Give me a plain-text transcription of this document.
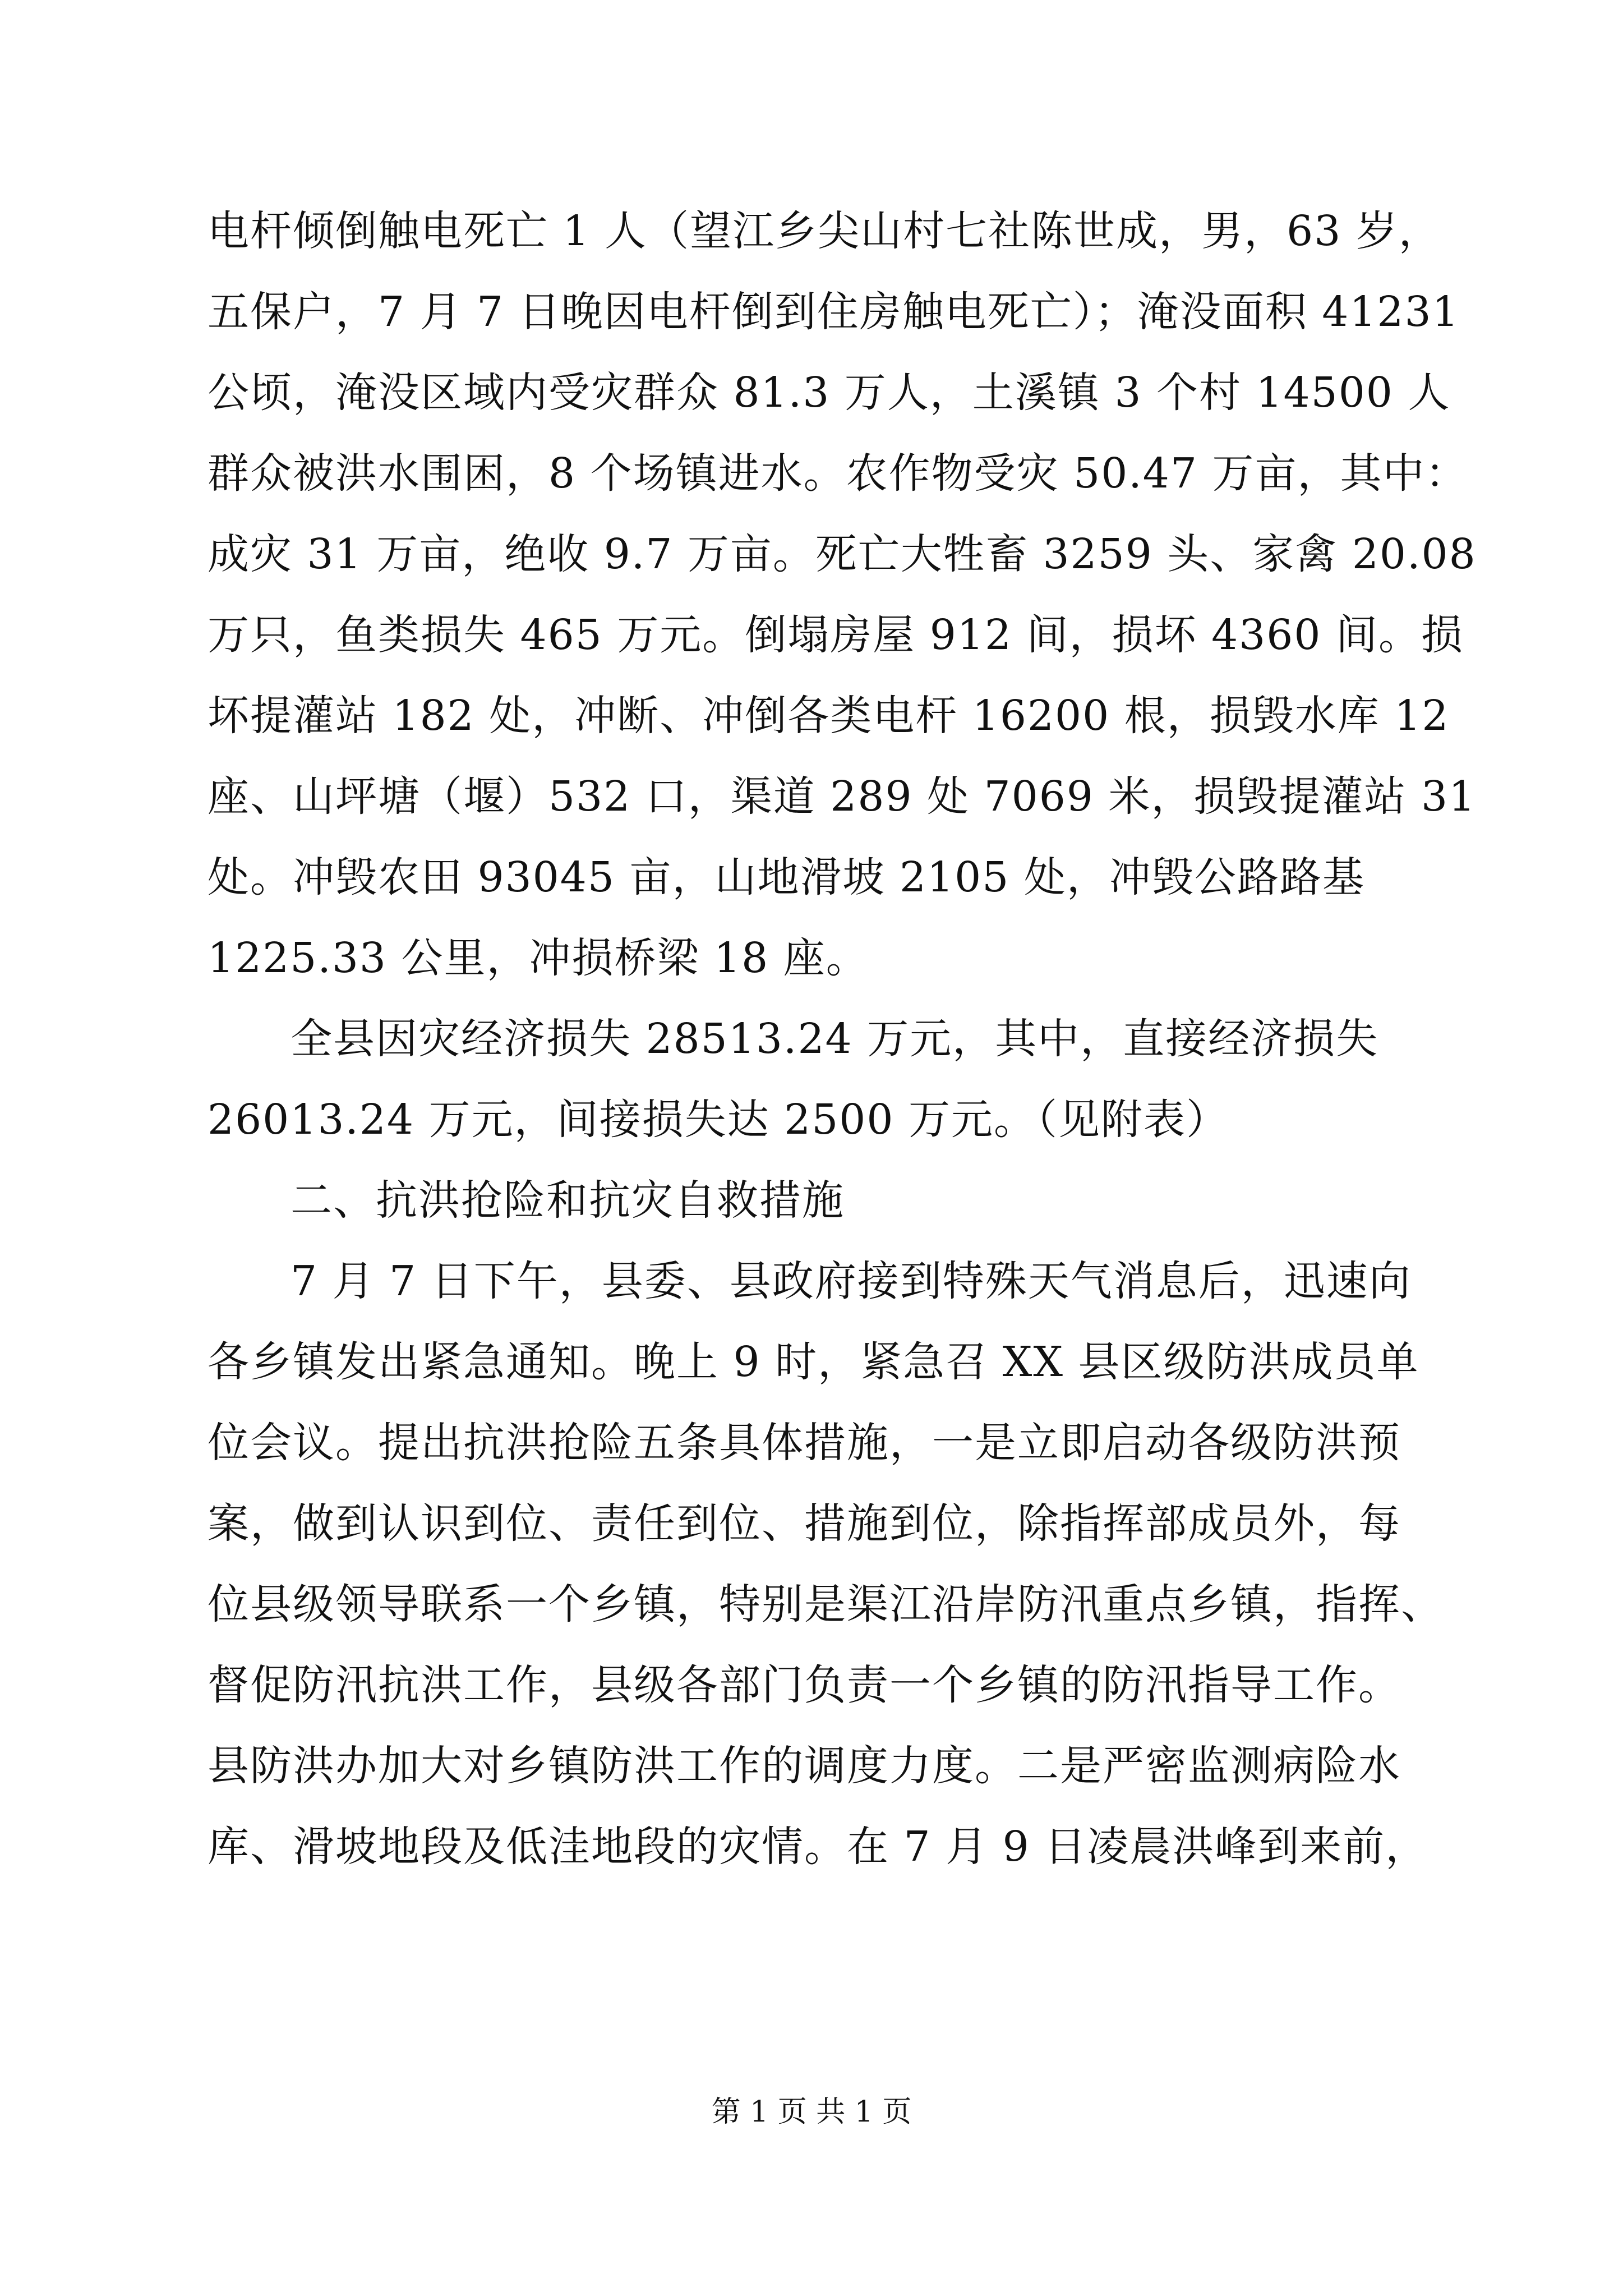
电杆倾倒触电死亡 1 人（望江乡尖山村七社陈世成，男，63 岁，
五保户，7 月 7 日晚因电杆倒到住房触电死亡）；淹没面积 41231
公顷，淹没区域内受灾群众 81.3 万人，土溪镇 3 个村 14500 人
群众被洪水围困，8 个场镇进水。农作物受灾 50.47 万亩，其中：
成灾 31 万亩，绝收 9.7 万亩。死亡大牲畜 3259 头、家禽 20.08
万只，鱼类损失 465 万元。倒塌房屋 912 间，损坏 4360 间。损
坏提灌站 182 处，冲断、冲倒各类电杆 16200 根，损毁水库 12
座、山坪塘（堰）532 口，渠道 289 处 7069 米，损毁提灌站 31
处。冲毁农田 93045 亩，山地滑坡 2105 处，冲毁公路路基
1225.33 公里，冲损桥梁 18 座。
全县因灾经济损失 28513.24 万元，其中，直接经济损失
26013.24 万元，间接损失达 2500 万元。（见附表）
二、抗洪抢险和抗灾自救措施
7 月 7 日下午，县委、县政府接到特殊天气消息后，迅速向
各乡镇发出紧急通知。晚上 9 时，紧急召 XX 县区级防洪成员单
位会议。提出抗洪抢险五条具体措施，一是立即启动各级防洪预
案，做到认识到位、责任到位、措施到位，除指挥部成员外，每
位县级领导联系一个乡镇，特别是渠江沿岸防汛重点乡镇，指挥、
督促防汛抗洪工作，县级各部门负责一个乡镇的防汛指导工作。
县防洪办加大对乡镇防洪工作的调度力度。二是严密监测病险水
库、滑坡地段及低洼地段的灾情。在 7 月 9 日凌晨洪峰到来前，
第 1 页 共 1 页
